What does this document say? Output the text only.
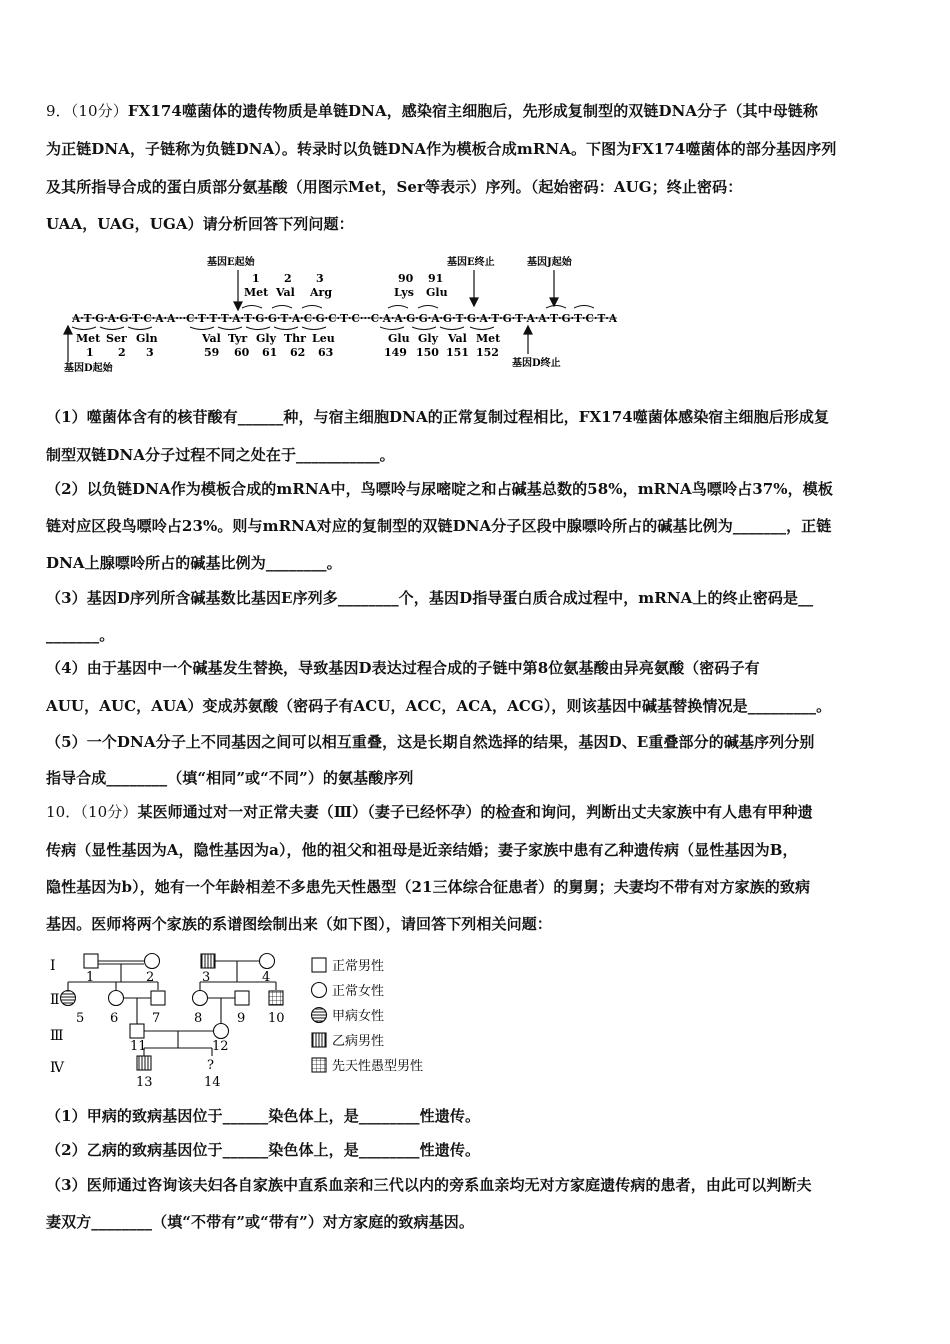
9．（10分）FX174噬菌体的遗传物质是单链DNA，感染宿主细胞后，先形成复制型的双链DNA分子（其中母链称
为正链DNA，子链称为负链DNA）。转录时以负链DNA作为模板合成mRNA。下图为FX174噬菌体的部分基因序列
及其所指导合成的蛋白质部分氨基酸（用图示Met，Ser等表示）序列。（起始密码：AUG；终止密码：
UAA，UAG，UGA）请分析回答下列问题：
基因E起始	基因E终止	基因J起始
1 2 3	90 91
Met Val Arg	Lys Glu
A·T·G·A·G·T·C·A·A···C·T·T·T·A·T·G·G·T·A·C·G·C·T·C···C·A·A·G·G·A·G·T·G·A·T·G·T·A·A·T·G·T·C·T·A
Met Ser Gln	Val Tyr Gly Thr Leu	Glu Gly Val Met
1 2 3	59 60 61 62 63	149 150 151 152
基因D起始	基因D终止
（1）噬菌体含有的核苷酸有______种，与宿主细胞DNA的正常复制过程相比，FX174噬菌体感染宿主细胞后形成复
制型双链DNA分子过程不同之处在于___________。
（2）以负链DNA作为模板合成的mRNA中，鸟嘌呤与尿嘧啶之和占碱基总数的58%，mRNA鸟嘌呤占37%，模板
链对应区段鸟嘌呤占23%。则与mRNA对应的复制型的双链DNA分子区段中腺嘌呤所占的碱基比例为_______，正链
DNA上腺嘌呤所占的碱基比例为________。
（3）基因D序列所含碱基数比基因E序列多________个，基因D指导蛋白质合成过程中，mRNA上的终止密码是__
_______。
（4）由于基因中一个碱基发生替换，导致基因D表达过程合成的子链中第8位氨基酸由异亮氨酸（密码子有
AUU，AUC，AUA）变成苏氨酸（密码子有ACU，ACC，ACA，ACG），则该基因中碱基替换情况是_________。
（5）一个DNA分子上不同基因之间可以相互重叠，这是长期自然选择的结果，基因D、E重叠部分的碱基序列分别
指导合成________（填“相同”或“不同”）的氨基酸序列
10．（10分）某医师通过对一对正常夫妻（Ⅲ）（妻子已经怀孕）的检查和询问，判断出丈夫家族中有人患有甲种遗
传病（显性基因为A，隐性基因为a），他的祖父和祖母是近亲结婚；妻子家族中患有乙种遗传病（显性基因为B，
隐性基因为b），她有一个年龄相差不多患先天性愚型（21三体综合征患者）的舅舅；夫妻均不带有对方家族的致病
基因。医师将两个家族的系谱图绘制出来（如下图），请回答下列相关问题：
Ⅰ
Ⅱ
Ⅲ
Ⅳ	?
1	2	3	4
5 6	7	8	9 10
11	12
13	14
正常男性
正常女性
甲病女性
乙病男性
先天性愚型男性
（1）甲病的致病基因位于______染色体上，是________性遗传。
（2）乙病的致病基因位于______染色体上，是________性遗传。
（3）医师通过咨询该夫妇各自家族中直系血亲和三代以内的旁系血亲均无对方家庭遗传病的患者，由此可以判断夫
妻双方________（填“不带有”或“带有”）对方家庭的致病基因。
